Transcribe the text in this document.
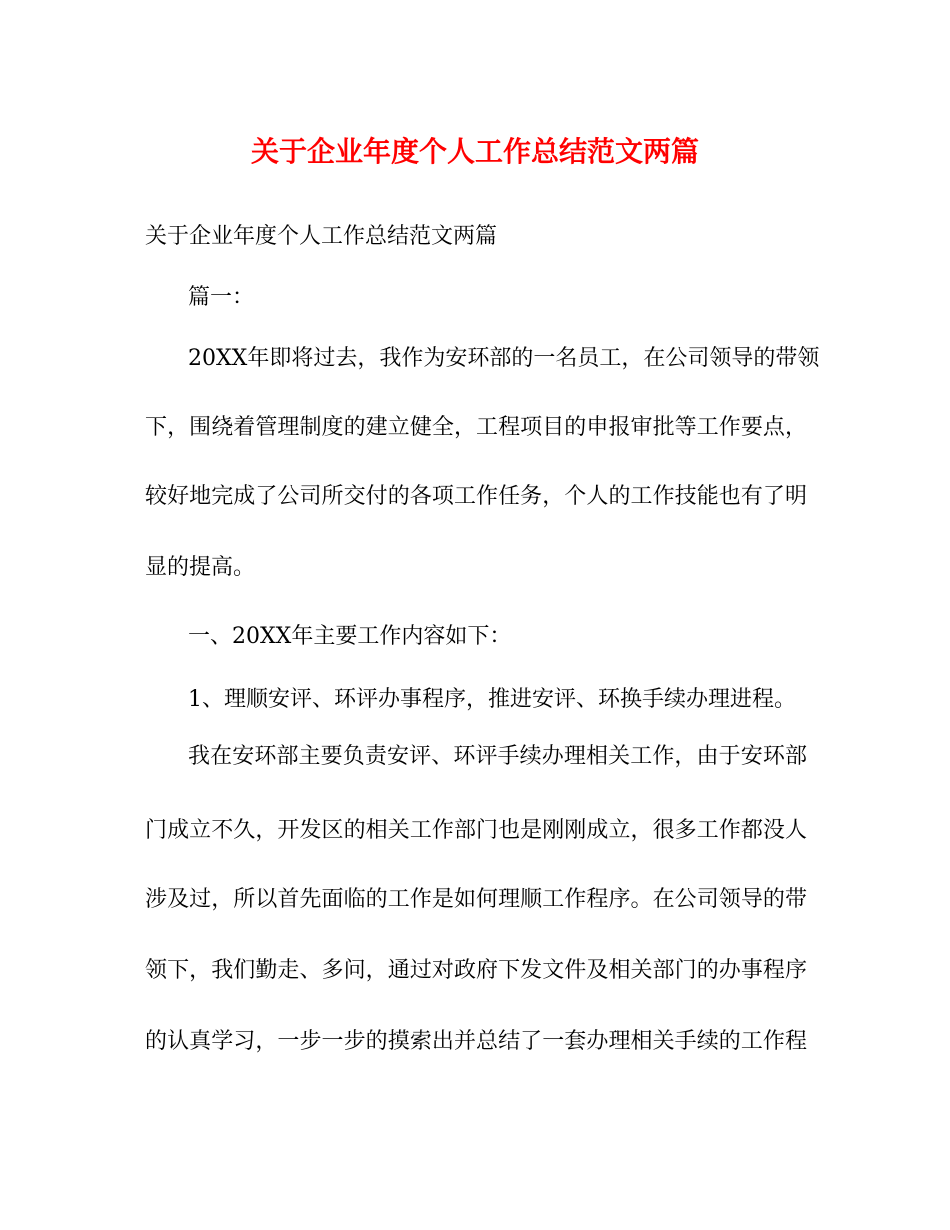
关于企业年度个人工作总结范文两篇
关于企业年度个人工作总结范文两篇
篇一：
20XX年即将过去，我作为安环部的一名员工，在公司领导的带领
下，围绕着管理制度的建立健全，工程项目的申报审批等工作要点，
较好地完成了公司所交付的各项工作任务，个人的工作技能也有了明
显的提高。
一、20XX年主要工作内容如下：
1、理顺安评、环评办事程序，推进安评、环换手续办理进程。
我在安环部主要负责安评、环评手续办理相关工作，由于安环部
门成立不久，开发区的相关工作部门也是刚刚成立，很多工作都没人
涉及过，所以首先面临的工作是如何理顺工作程序。在公司领导的带
领下，我们勤走、多问，通过对政府下发文件及相关部门的办事程序
的认真学习，一步一步的摸索出并总结了一套办理相关手续的工作程
